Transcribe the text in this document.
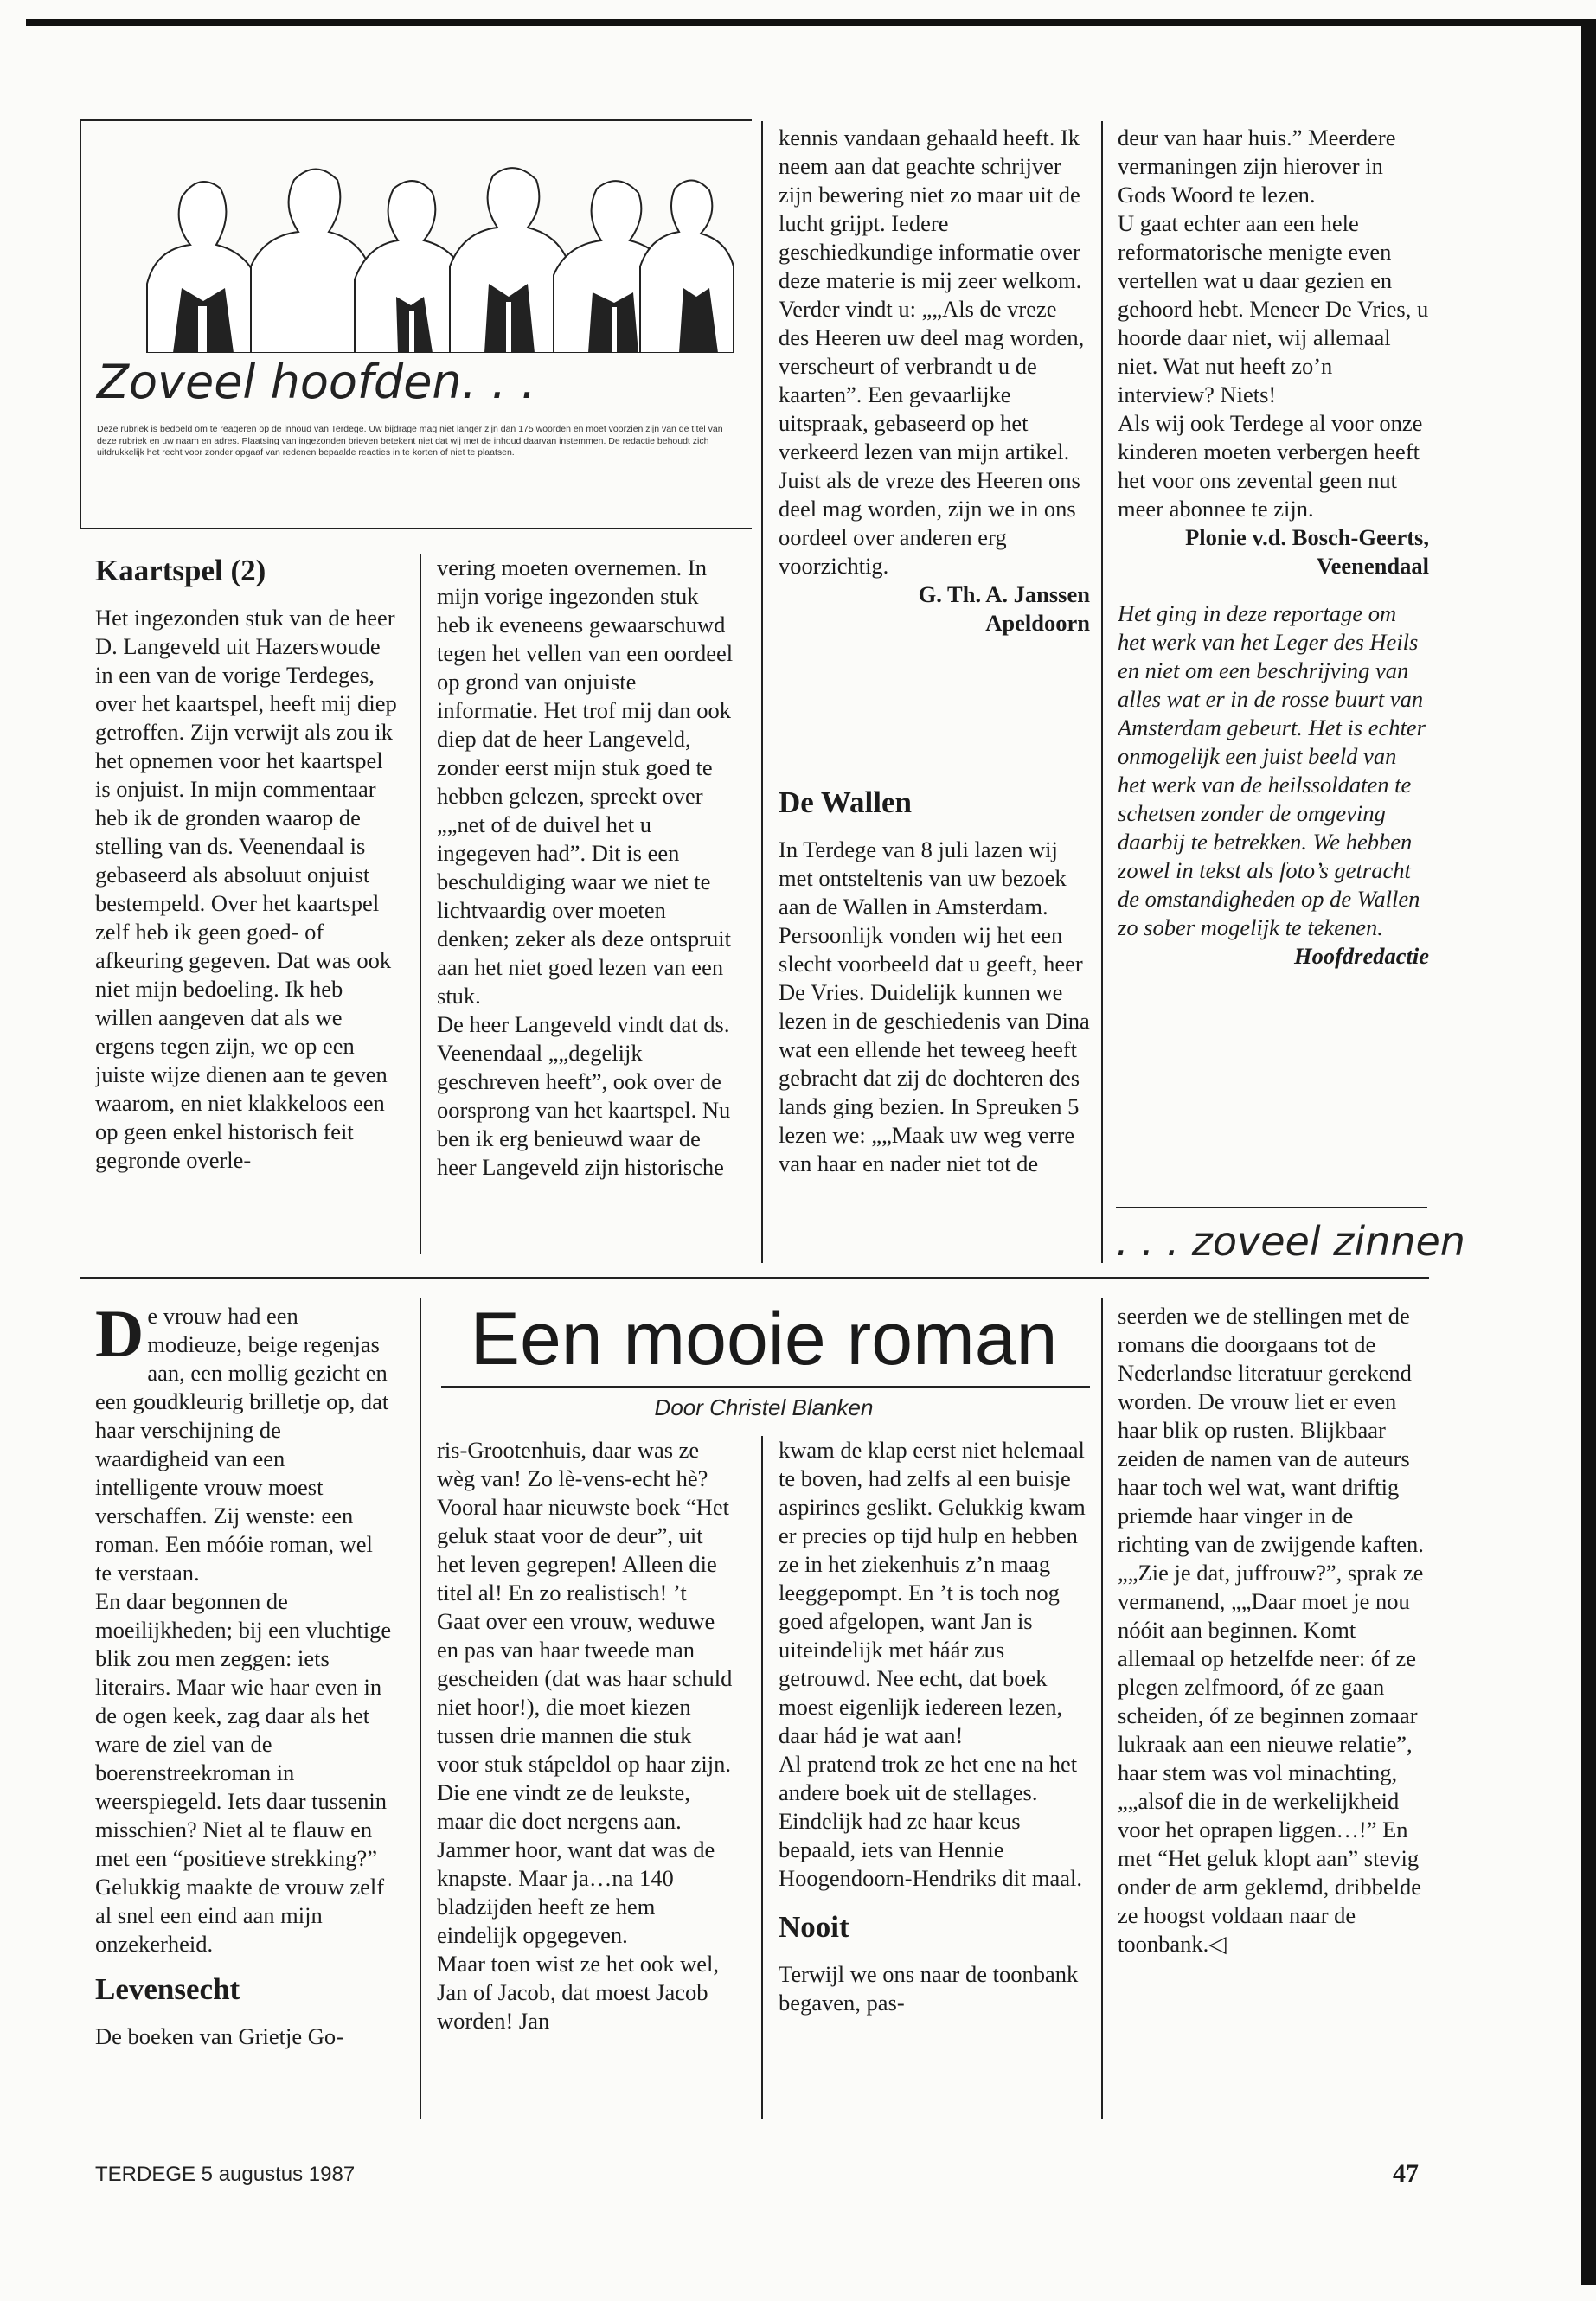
Zoveel hoofden. . .
Deze rubriek is bedoeld om te reageren op de inhoud van Terdege. Uw bijdrage mag niet langer zijn dan 175 woorden en moet voorzien zijn van de titel van deze rubriek en uw naam en adres. Plaatsing van ingezonden brieven betekent niet dat wij met de inhoud daarvan instemmen. De redactie behoudt zich uitdrukkelijk het recht voor zonder opgaaf van redenen bepaalde reacties in te korten of niet te plaatsen.
Kaartspel (2)

Het ingezonden stuk van de heer D. Langeveld uit Hazerswoude in een van de vorige Terdeges, over het kaartspel, heeft mij diep getroffen. Zijn verwijt als zou ik het opnemen voor het kaartspel is onjuist. In mijn commentaar heb ik de gronden waarop de stelling van ds. Veenendaal is gebaseerd als absoluut onjuist bestempeld. Over het kaartspel zelf heb ik geen goed- of afkeuring gegeven. Dat was ook niet mijn bedoeling. Ik heb willen aangeven dat als we ergens tegen zijn, we op een juiste wijze dienen aan te geven waarom, en niet klakkeloos een op geen enkel historisch feit gegronde overle-

vering moeten overnemen. In mijn vorige ingezonden stuk heb ik eveneens gewaarschuwd tegen het vellen van een oordeel op grond van onjuiste informatie. Het trof mij dan ook diep dat de heer Langeveld, zonder eerst mijn stuk goed te hebben gelezen, spreekt over „„net of de duivel het u ingegeven had”. Dit is een beschuldiging waar we niet te lichtvaardig over moeten denken; zeker als deze ontspruit aan het niet goed lezen van een stuk.

De heer Langeveld vindt dat ds. Veenendaal „„degelijk geschreven heeft”, ook over de oorsprong van het kaartspel. Nu ben ik erg benieuwd waar de heer Langeveld zijn historische

kennis vandaan gehaald heeft. Ik neem aan dat geachte schrijver zijn bewering niet zo maar uit de lucht grijpt. Iedere geschiedkundige informatie over deze materie is mij zeer welkom.

Verder vindt u: „„Als de vreze des Heeren uw deel mag worden, verscheurt of verbrandt u de kaarten”. Een gevaarlijke uitspraak, gebaseerd op het verkeerd lezen van mijn artikel. Juist als de vreze des Heeren ons deel mag worden, zijn we in ons oordeel over anderen erg voorzichtig.

G. Th. A. Janssen

Apeldoorn

De Wallen

In Terdege van 8 juli lazen wij met ontsteltenis van uw bezoek aan de Wallen in Amsterdam. Persoonlijk vonden wij het een slecht voorbeeld dat u geeft, heer De Vries. Duidelijk kunnen we lezen in de geschiedenis van Dina wat een ellende het teweeg heeft gebracht dat zij de dochteren des lands ging bezien. In Spreuken 5 lezen we: „„Maak uw weg verre van haar en nader niet tot de

deur van haar huis.” Meerdere vermaningen zijn hierover in Gods Woord te lezen.

U gaat echter aan een hele reformatorische menigte even vertellen wat u daar gezien en gehoord hebt. Meneer De Vries, u hoorde daar niet, wij allemaal niet. Wat nut heeft zo’n interview? Niets!

Als wij ook Terdege al voor onze kinderen moeten verbergen heeft het voor ons zevental geen nut meer abonnee te zijn.

Plonie v.d. Bosch-Geerts,

Veenendaal

Het ging in deze reportage om het werk van het Leger des Heils en niet om een beschrijving van alles wat er in de rosse buurt van Amsterdam gebeurt. Het is echter onmogelijk een juist beeld van het werk van de heilssoldaten te schetsen zonder de omgeving daarbij te betrekken. We hebben zowel in tekst als foto’s getracht de omstandigheden op de Wallen zo sober mogelijk te tekenen.

Hoofdredactie

. . . zoveel zinnen
Een mooie roman
Door Christel Blanken

De vrouw had een modieuze, beige regenjas aan, een mollig gezicht en een goudkleurig brilletje op, dat haar verschijning de waardigheid van een intelligente vrouw moest verschaffen. Zij wenste: een roman. Een móóie roman, wel te verstaan.

En daar begonnen de moeilijkheden; bij een vluchtige blik zou men zeggen: iets literairs. Maar wie haar even in de ogen keek, zag daar als het ware de ziel van de boerenstreekroman in weerspiegeld. Iets daar tussenin misschien? Niet al te flauw en met een “positieve strekking?” Gelukkig maakte de vrouw zelf al snel een eind aan mijn onzekerheid.

Levensecht

De boeken van Grietje Go-

ris-Grootenhuis, daar was ze wèg van! Zo lè-vens-echt hè? Vooral haar nieuwste boek “Het geluk staat voor de deur”, uit het leven gegrepen! Alleen die titel al! En zo realistisch! ’t Gaat over een vrouw, weduwe en pas van haar tweede man gescheiden (dat was haar schuld niet hoor!), die moet kiezen tussen drie mannen die stuk voor stuk stápeldol op haar zijn. Die ene vindt ze de leukste, maar die doet nergens aan. Jammer hoor, want dat was de knapste. Maar ja…na 140 bladzijden heeft ze hem eindelijk opgegeven.

Maar toen wist ze het ook wel, Jan of Jacob, dat moest Jacob worden! Jan

kwam de klap eerst niet helemaal te boven, had zelfs al een buisje aspirines geslikt. Gelukkig kwam er precies op tijd hulp en hebben ze in het ziekenhuis z’n maag leeggepompt. En ’t is toch nog goed afgelopen, want Jan is uiteindelijk met háár zus getrouwd. Nee echt, dat boek moest eigenlijk iedereen lezen, daar hád je wat aan!

Al pratend trok ze het ene na het andere boek uit de stellages. Eindelijk had ze haar keus bepaald, iets van Hennie Hoogendoorn-Hendriks dit maal.

Nooit

Terwijl we ons naar de toonbank begaven, pas-

seerden we de stellingen met de romans die doorgaans tot de Nederlandse literatuur gerekend worden. De vrouw liet er even haar blik op rusten. Blijkbaar zeiden de namen van de auteurs haar toch wel wat, want driftig priemde haar vinger in de richting van de zwijgende kaften.

„„Zie je dat, juffrouw?”, sprak ze vermanend, „„Daar moet je nou nóóit aan beginnen. Komt allemaal op hetzelfde neer: óf ze plegen zelfmoord, óf ze gaan scheiden, óf ze beginnen zomaar lukraak aan een nieuwe relatie”, haar stem was vol minachting, „„alsof die in de werkelijkheid voor het oprapen liggen…!” En met “Het geluk klopt aan” stevig onder de arm geklemd, dribbelde ze hoogst voldaan naar de toonbank.◁

TERDEGE 5 augustus 1987	47
